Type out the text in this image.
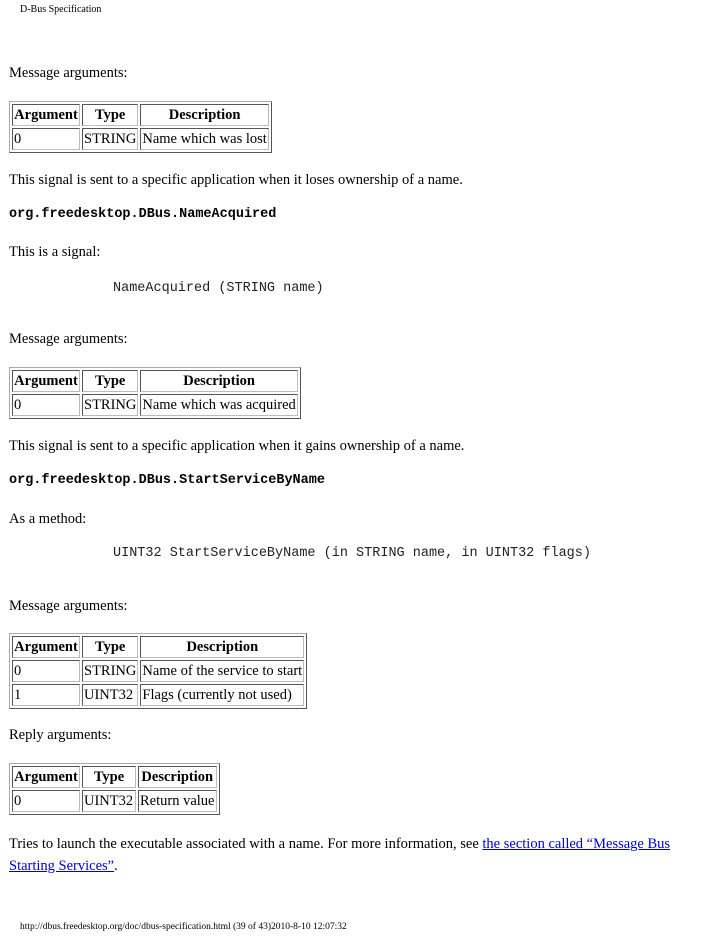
D-Bus Specification
Message arguments:
Argument	Type	Description
0	STRING	Name which was lost
This signal is sent to a specific application when it loses ownership of a name.
org.freedesktop.DBus.NameAcquired
This is a signal:
NameAcquired (STRING name)
Message arguments:
Argument	Type	Description
0	STRING	Name which was acquired
This signal is sent to a specific application when it gains ownership of a name.
org.freedesktop.DBus.StartServiceByName
As a method:
UINT32 StartServiceByName (in STRING name, in UINT32 flags)
Message arguments:
Argument	Type	Description
0	STRING	Name of the service to start
1	UINT32	Flags (currently not used)
Reply arguments:
Argument	Type	Description
0	UINT32	Return value
Tries to launch the executable associated with a name. For more information, see the section called “Message Bus Starting Services”.
http://dbus.freedesktop.org/doc/dbus-specification.html (39 of 43)2010-8-10 12:07:32
